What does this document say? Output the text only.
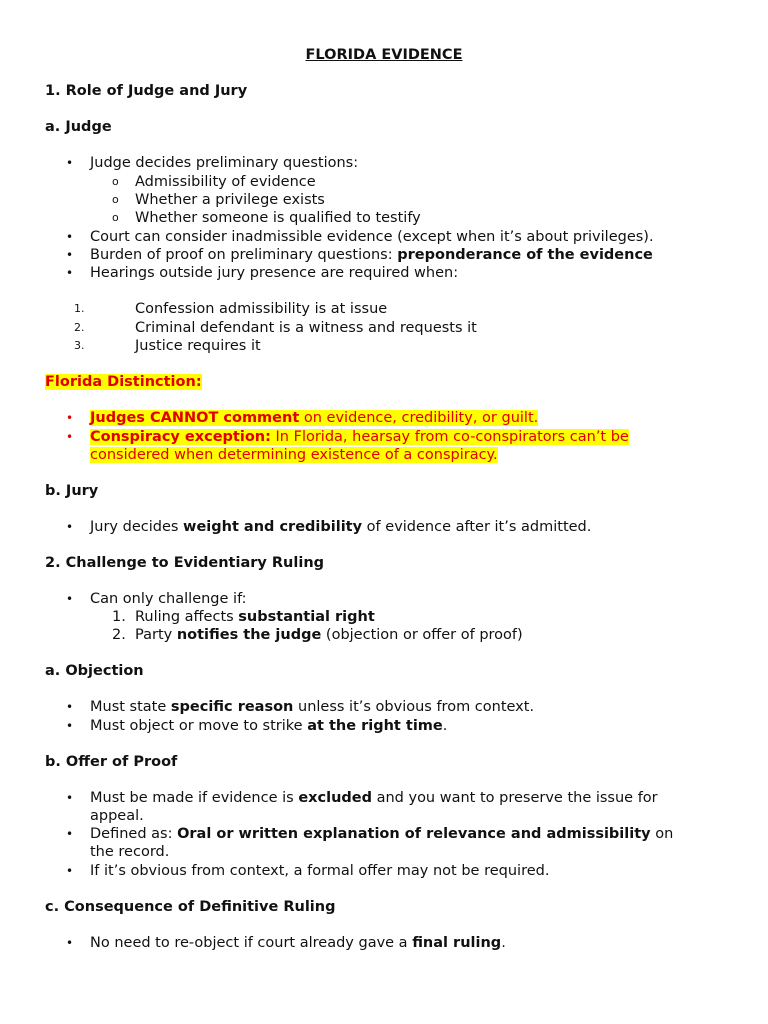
FLORIDA EVIDENCE
1. Role of Judge and Jury
a. Judge
• Judge decides preliminary questions:
o Admissibility of evidence
o Whether a privilege exists
o Whether someone is qualified to testify
• Court can consider inadmissible evidence (except when it’s about privileges).
• Burden of proof on preliminary questions: preponderance of the evidence
• Hearings outside jury presence are required when:
1.	Confession admissibility is at issue
2.	Criminal defendant is a witness and requests it
3.	Justice requires it
Florida Distinction:
• Judges CANNOT comment on evidence, credibility, or guilt.
• Conspiracy exception: In Florida, hearsay from co-conspirators can’t be
considered when determining existence of a conspiracy.
b. Jury
• Jury decides weight and credibility of evidence after it’s admitted.
2. Challenge to Evidentiary Ruling
• Can only challenge if:
1. Ruling affects substantial right
2. Party notifies the judge (objection or offer of proof)
a. Objection
• Must state specific reason unless it’s obvious from context.
• Must object or move to strike at the right time.
b. Offer of Proof
• Must be made if evidence is excluded and you want to preserve the issue for
appeal.
• Defined as: Oral or written explanation of relevance and admissibility on
the record.
• If it’s obvious from context, a formal offer may not be required.
c. Consequence of Definitive Ruling
• No need to re-object if court already gave a final ruling.
